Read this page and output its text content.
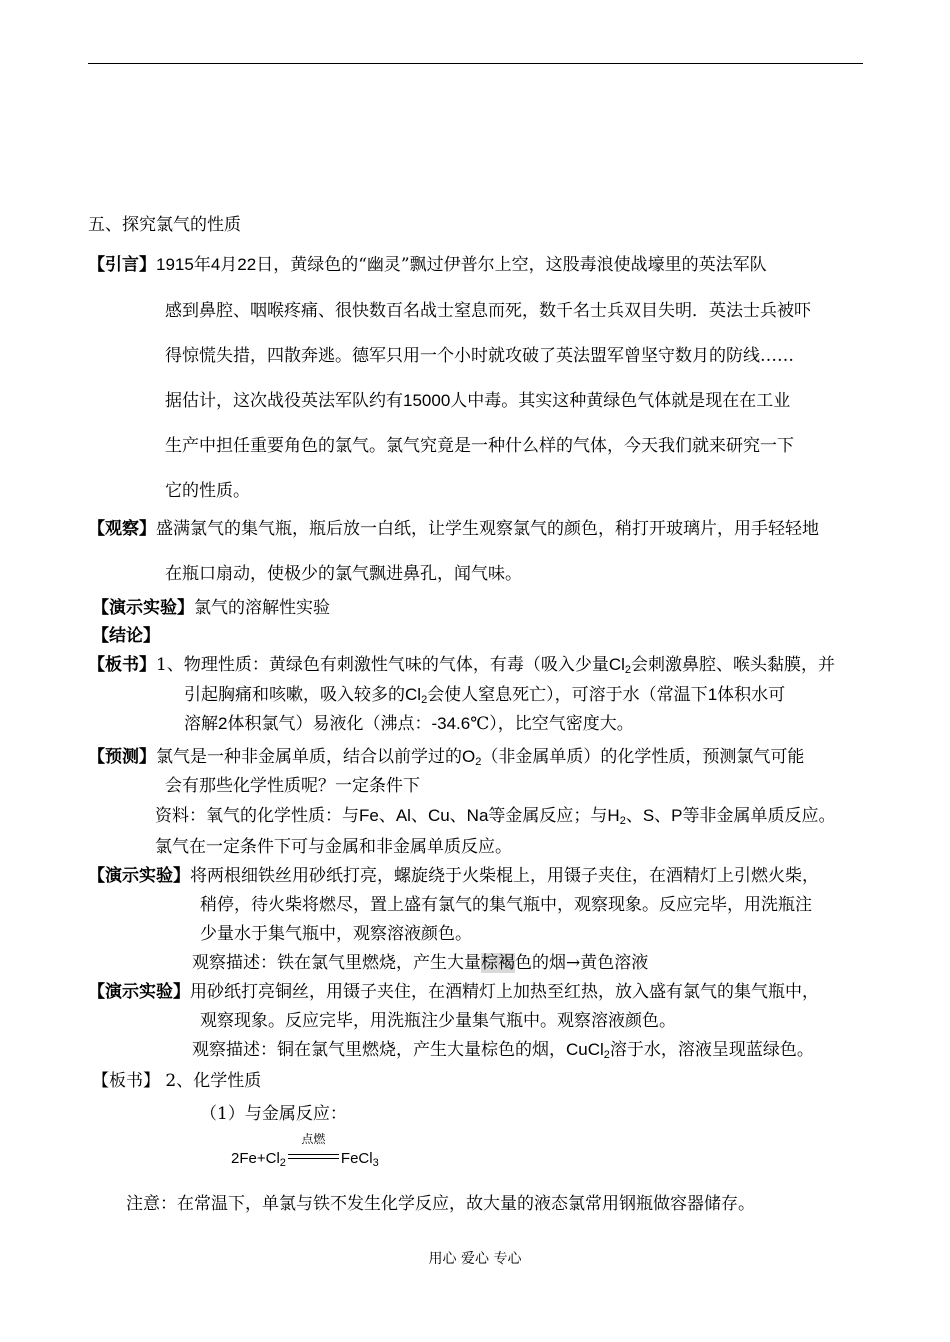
五、探究氯气的性质
【引言】1915年4月22日，黄绿色的“幽灵”飘过伊普尔上空，这股毒浪使战壕里的英法军队
感到鼻腔、咽喉疼痛、很快数百名战士窒息而死，数千名士兵双目失明．英法士兵被吓
得惊慌失措，四散奔逃。德军只用一个小时就攻破了英法盟军曾坚守数月的防线……
据估计，这次战役英法军队约有15000人中毒。其实这种黄绿色气体就是现在在工业
生产中担任重要角色的氯气。氯气究竟是一种什么样的气体，今天我们就来研究一下
它的性质。
【观察】盛满氯气的集气瓶，瓶后放一白纸，让学生观察氯气的颜色，稍打开玻璃片，用手轻轻地
在瓶口扇动，使极少的氯气飘进鼻孔，闻气味。
【演示实验】氯气的溶解性实验
【结论】
【板书】1、物理性质：黄绿色有刺激性气味的气体，有毒（吸入少量$Cl_2$会刺激鼻腔、喉头黏膜，并
引起胸痛和咳嗽，吸入较多的$Cl_2$会使人窒息死亡），可溶于水（常温下1体积水可
溶解2体积氯气）易液化（沸点：-34.6℃），比空气密度大。
【预测】氯气是一种非金属单质，结合以前学过的$O_2$（非金属单质）的化学性质，预测氯气可能
会有那些化学性质呢？一定条件下
资料：氧气的化学性质：与Fe、Al、Cu、Na等金属反应；与$H_2$、S、P等非金属单质反应。
氯气在一定条件下可与金属和非金属单质反应。
【演示实验】将两根细铁丝用砂纸打亮，螺旋绕于火柴棍上，用镊子夹住，在酒精灯上引燃火柴，
稍停，待火柴将燃尽，置上盛有氯气的集气瓶中，观察现象。反应完毕，用洗瓶注
少量水于集气瓶中，观察溶液颜色。
观察描述：铁在氯气里燃烧，产生大量棕褐色的烟→黄色溶液
【演示实验】用砂纸打亮铜丝，用镊子夹住，在酒精灯上加热至红热，放入盛有氯气的集气瓶中，
观察现象。反应完毕，用洗瓶注少量集气瓶中。观察溶液颜色。
观察描述：铜在氯气里燃烧，产生大量棕色的烟，CuCl$_2$溶于水，溶液呈现蓝绿色。
【板书】 2、化学性质
（1）与金属反应：
$2Fe+Cl_2$
点燃
FeCl$_3$
注意：在常温下，单氯与铁不发生化学反应，故大量的液态氯常用钢瓶做容器储存。
用心 爱心 专心
